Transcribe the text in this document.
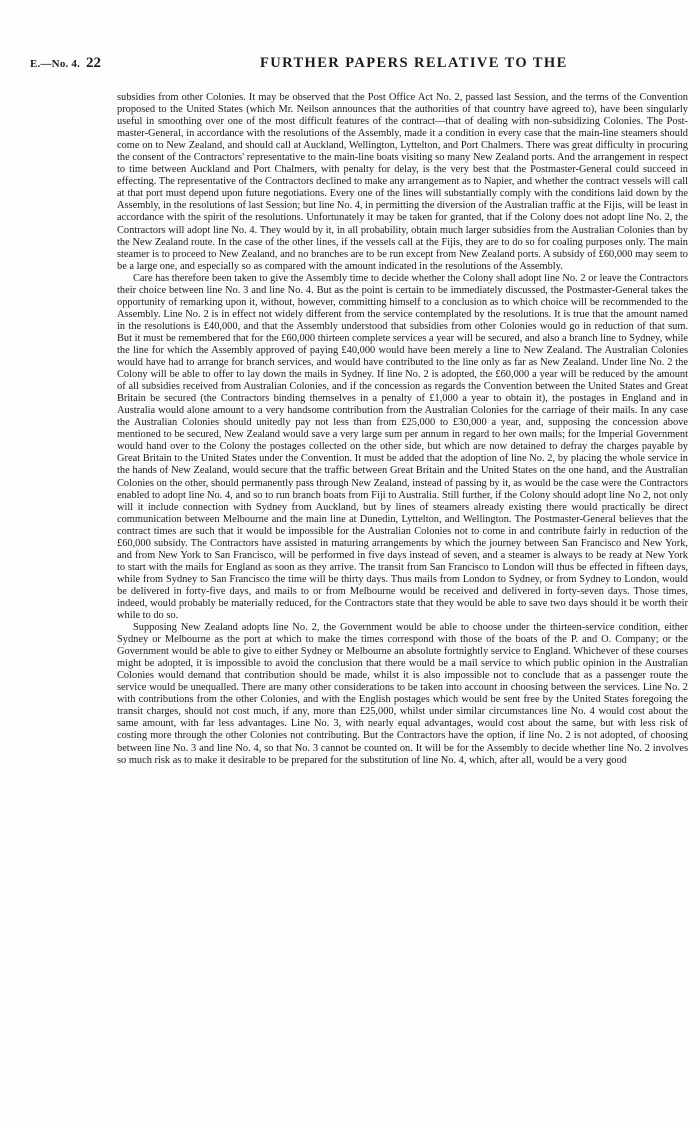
E.—No. 4. 22	FURTHER PAPERS RELATIVE TO THE

subsidies from other Colonies. It may be observed that the Post Office Act No. 2, passed last Session, and the terms of the Convention proposed to the United States (which Mr. Neilson announces that the authorities of that country have agreed to), have been singularly useful in smoothing over one of the most difficult features of the contract—that of dealing with non-subsidizing Colonies. The Post-master-General, in accordance with the resolutions of the Assembly, made it a condition in every case that the main-line steamers should come on to New Zealand, and should call at Auckland, Wellington, Lyttelton, and Port Chalmers. There was great difficulty in procuring the consent of the Contractors' representative to the main-line boats visiting so many New Zealand ports. And the arrangement in respect to time between Auckland and Port Chalmers, with penalty for delay, is the very best that the Postmaster-General could succeed in effecting. The representative of the Contractors declined to make any arrangement as to Napier, and whether the contract vessels will call at that port must depend upon future negotiations. Every one of the lines will substantially comply with the conditions laid down by the Assembly, in the resolutions of last Session; but line No. 4, in permitting the diversion of the Australian traffic at the Fijis, will be least in accordance with the spirit of the resolutions. Unfortunately it may be taken for granted, that if the Colony does not adopt line No. 2, the Contractors will adopt line No. 4. They would by it, in all probability, obtain much larger subsidies from the Australian Colonies than by the New Zealand route. In the case of the other lines, if the vessels call at the Fijis, they are to do so for coaling purposes only. The main steamer is to proceed to New Zealand, and no branches are to be run except from New Zealand ports. A subsidy of £60,000 may seem to be a large one, and especially so as compared with the amount indicated in the resolutions of the Assembly.

Care has therefore been taken to give the Assembly time to decide whether the Colony shall adopt line No. 2 or leave the Contractors their choice between line No. 3 and line No. 4. But as the point is certain to be immediately discussed, the Postmaster-General takes the opportunity of remarking upon it, without, however, committing himself to a conclusion as to which choice will be recommended to the Assembly. Line No. 2 is in effect not widely different from the service contemplated by the resolutions. It is true that the amount named in the resolutions is £40,000, and that the Assembly understood that subsidies from other Colonies would go in reduction of that sum. But it must be remembered that for the £60,000 thirteen complete services a year will be secured, and also a branch line to Sydney, while the line for which the Assembly approved of paying £40,000 would have been merely a line to New Zealand. The Australian Colonies would have had to arrange for branch services, and would have contributed to the line only as far as New Zealand. Under line No. 2 the Colony will be able to offer to lay down the mails in Sydney. If line No. 2 is adopted, the £60,000 a year will be reduced by the amount of all subsidies received from Australian Colonies, and if the concession as regards the Convention between the United States and Great Britain be secured (the Contractors binding themselves in a penalty of £1,000 a year to obtain it), the postages in England and in Australia would alone amount to a very handsome contribution from the Australian Colonies for the carriage of their mails. In any case the Australian Colonies should unitedly pay not less than from £25,000 to £30,000 a year, and, supposing the concession above mentioned to be secured, New Zealand would save a very large sum per annum in regard to her own mails; for the Imperial Government would hand over to the Colony the postages collected on the other side, but which are now detained to defray the charges payable by Great Britain to the United States under the Convention. It must be added that the adoption of line No. 2, by placing the whole service in the hands of New Zealand, would secure that the traffic between Great Britain and the United States on the one hand, and the Australian Colonies on the other, should permanently pass through New Zealand, instead of passing by it, as would be the case were the Contractors enabled to adopt line No. 4, and so to run branch boats from Fiji to Australia. Still further, if the Colony should adopt line No 2, not only will it include connection with Sydney from Auckland, but by lines of steamers already existing there would practically be direct communication between Melbourne and the main line at Dunedin, Lyttelton, and Wellington. The Postmaster-General believes that the contract times are such that it would be impossible for the Australian Colonies not to come in and contribute fairly in reduction of the £60,000 subsidy. The Contractors have assisted in maturing arrangements by which the journey between San Francisco and New York, and from New York to San Francisco, will be performed in five days instead of seven, and a steamer is always to be ready at New York to start with the mails for England as soon as they arrive. The transit from San Francisco to London will thus be effected in fifteen days, while from Sydney to San Francisco the time will be thirty days. Thus mails from London to Sydney, or from Sydney to London, would be delivered in forty-five days, and mails to or from Melbourne would be received and delivered in forty-seven days. Those times, indeed, would probably be materially reduced, for the Contractors state that they would be able to save two days should it be worth their while to do so.

Supposing New Zealand adopts line No. 2, the Government would be able to choose under the thirteen-service condition, either Sydney or Melbourne as the port at which to make the times correspond with those of the boats of the P. and O. Company; or the Government would be able to give to either Sydney or Melbourne an absolute fortnightly service to England. Whichever of these courses might be adopted, it is impossible to avoid the conclusion that there would be a mail service to which public opinion in the Australian Colonies would demand that contribution should be made, whilst it is also impossible not to conclude that as a passenger route the service would be unequalled. There are many other considerations to be taken into account in choosing between the services. Line No. 2 with contributions from the other Colonies, and with the English postages which would be sent free by the United States foregoing the transit charges, should not cost much, if any, more than £25,000, whilst under similar circumstances line No. 4 would cost about the same amount, with far less advantages. Line No. 3, with nearly equal advantages, would cost about the same, but with less risk of costing more through the other Colonies not contributing. But the Contractors have the option, if line No. 2 is not adopted, of choosing between line No. 3 and line No. 4, so that No. 3 cannot be counted on. It will be for the Assembly to decide whether line No. 2 involves so much risk as to make it desirable to be prepared for the substitution of line No. 4, which, after all, would be a very good
